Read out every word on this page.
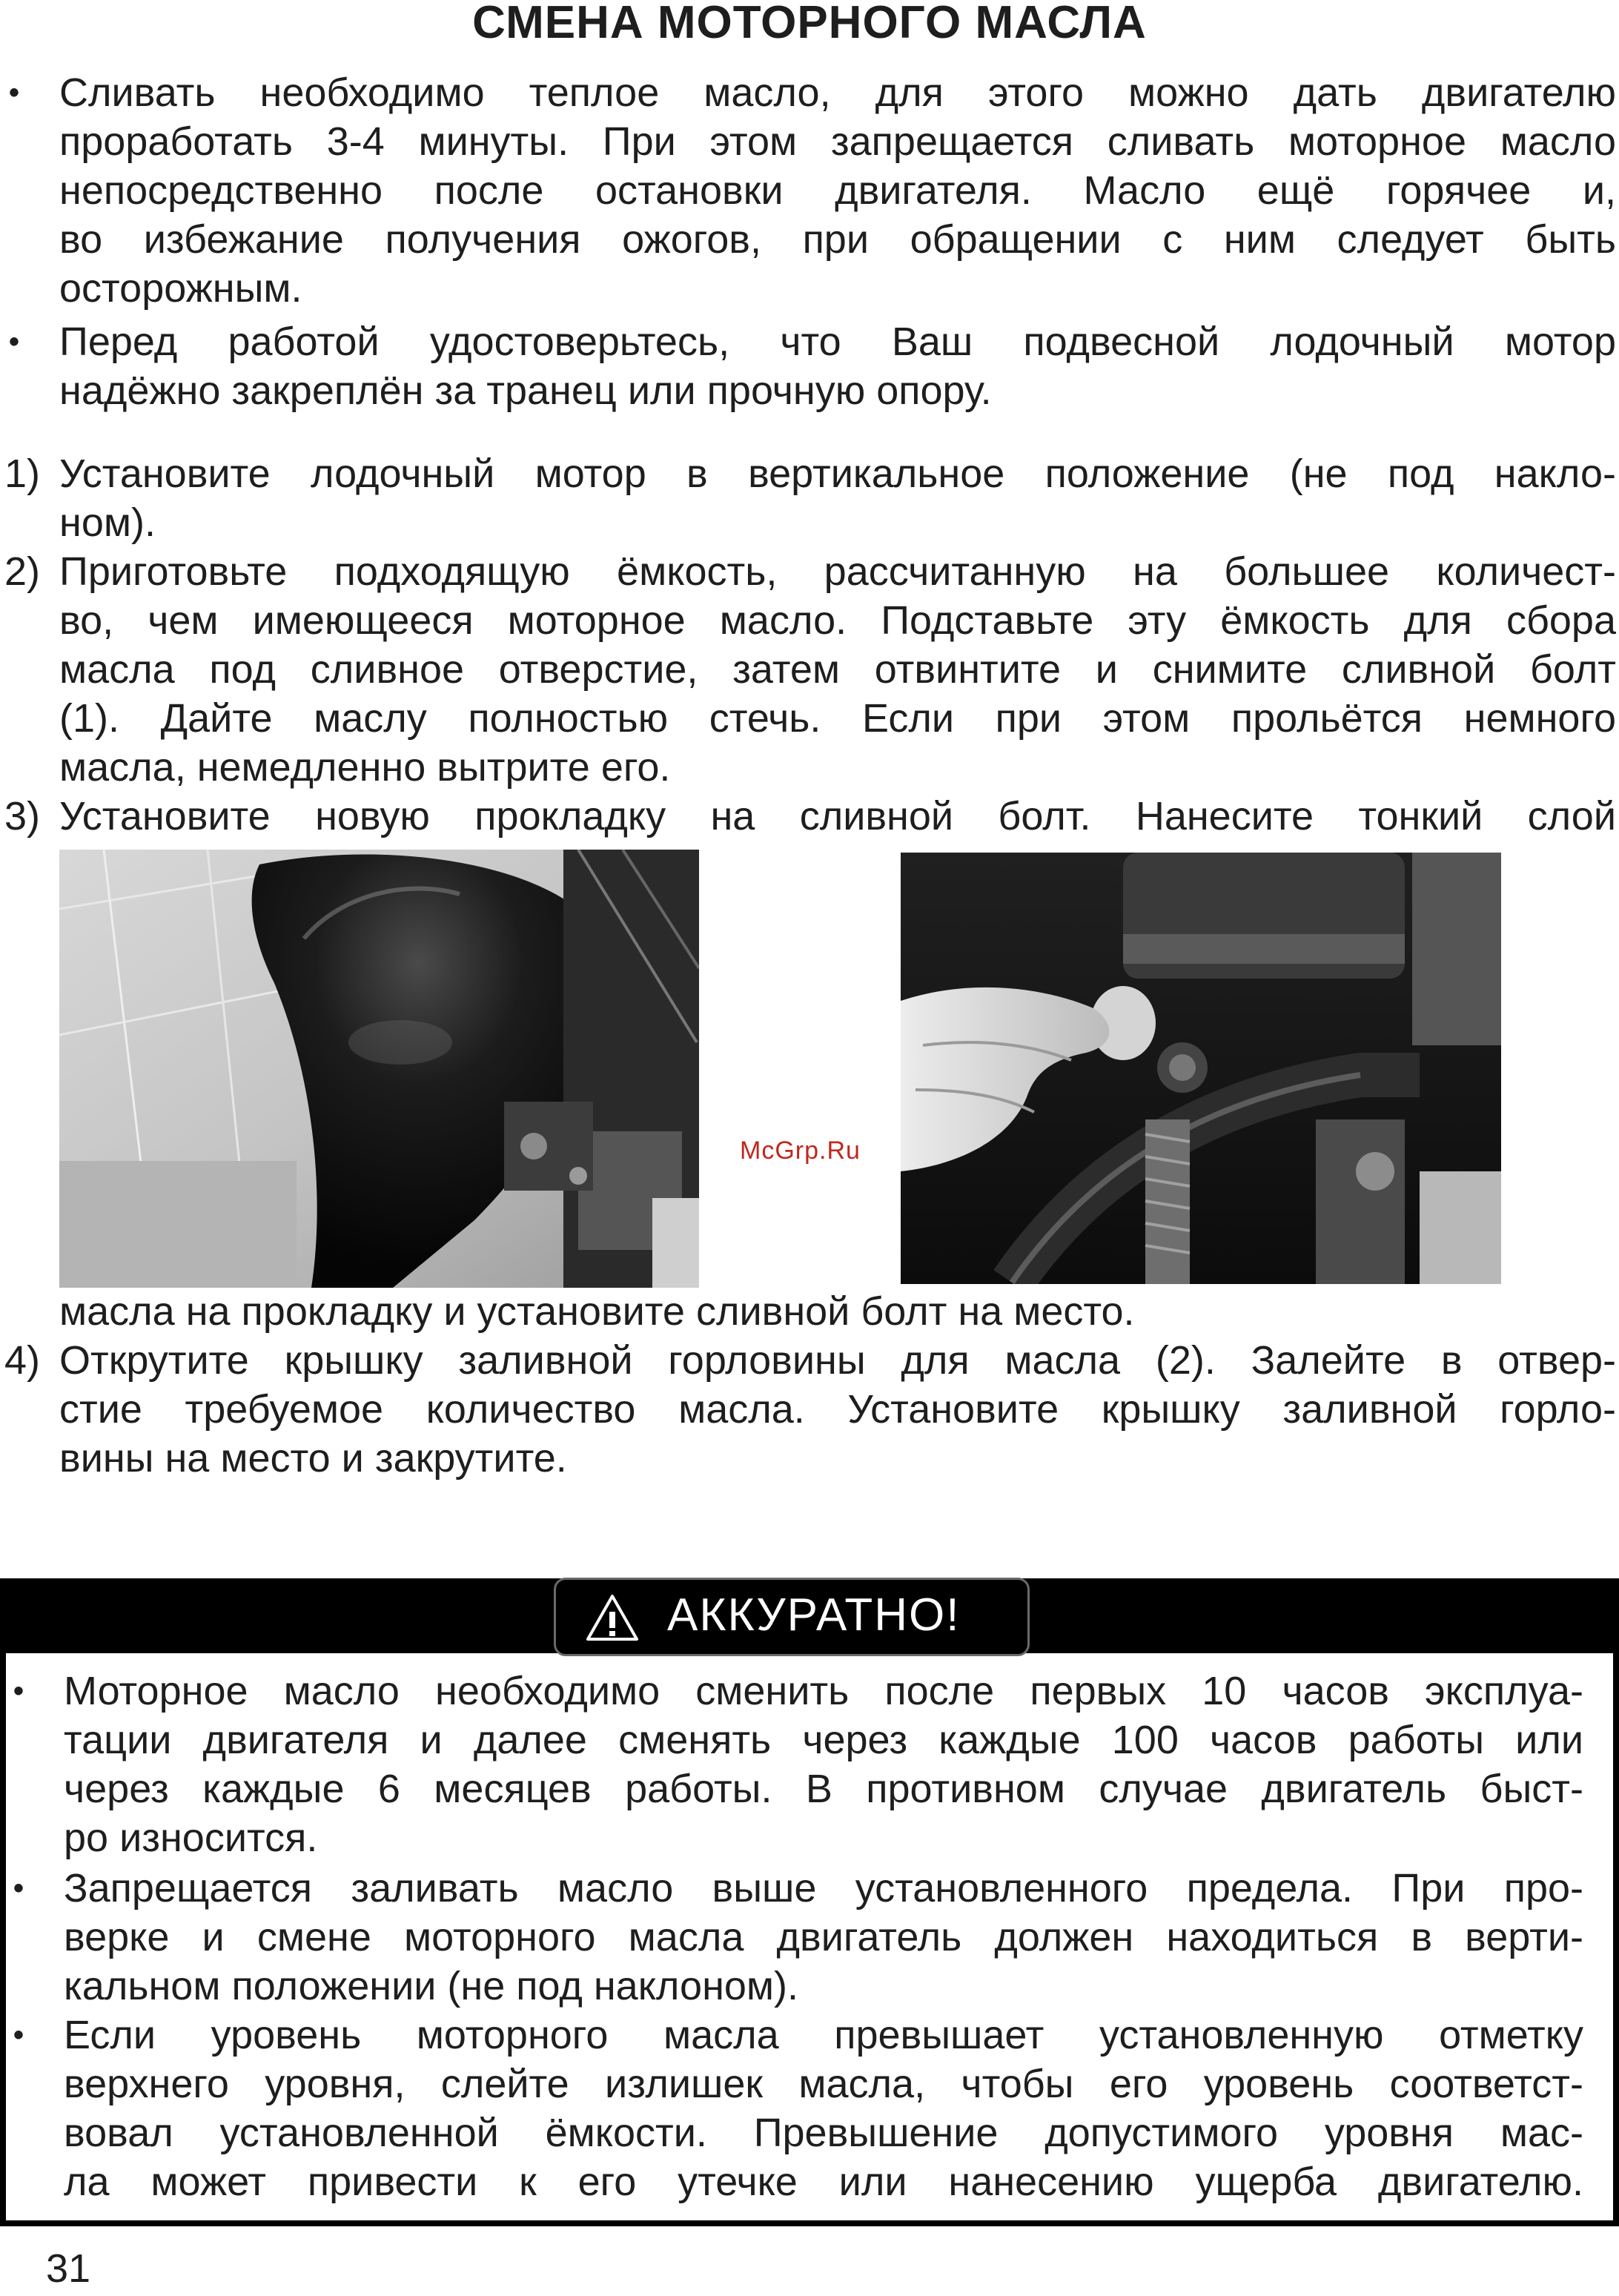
СМЕНА МОТОРНОГО МАСЛА
• Сливать необходимо теплое масло, для этого можно дать двигателю
проработать 3-4 минуты. При этом запрещается сливать моторное масло
непосредственно после остановки двигателя. Масло ещё горячее и,
во избежание получения ожогов, при обращении с ним следует быть
осторожным.
• Перед работой удостоверьтесь, что Ваш подвесной лодочный мотор
надёжно закреплён за транец или прочную опору.
1) Установите лодочный мотор в вертикальное положение (не под накло-
ном).
2) Приготовьте подходящую ёмкость, рассчитанную на большее количест-
во, чем имеющееся моторное масло. Подставьте эту ёмкость для сбора
масла под сливное отверстие, затем отвинтите и снимите сливной болт
(1). Дайте маслу полностью стечь. Если при этом прольётся немного
масла, немедленно вытрите его.
3) Установите новую прокладку на сливной болт. Нанесите тонкий слой
масла на прокладку и установите сливной болт на место.
McGrp.Ru
4) Открутите крышку заливной горловины для масла (2). Залейте в отвер-
стие требуемое количество масла. Установите крышку заливной горло-
вины на место и закрутите.
АККУРАТНО!
• Моторное масло необходимо сменить после первых 10 часов эксплуа-
тации двигателя и далее сменять через каждые 100 часов работы или
через каждые 6 месяцев работы. В противном случае двигатель быст-
ро износится.
• Запрещается заливать масло выше установленного предела. При про-
верке и смене моторного масла двигатель должен находиться в верти-
кальном положении (не под наклоном).
• Если уровень моторного масла превышает установленную отметку
верхнего уровня, слейте излишек масла, чтобы его уровень соответст-
вовал установленной ёмкости. Превышение допустимого уровня мас-
ла может привести к его утечке или нанесению ущерба двигателю.
31
